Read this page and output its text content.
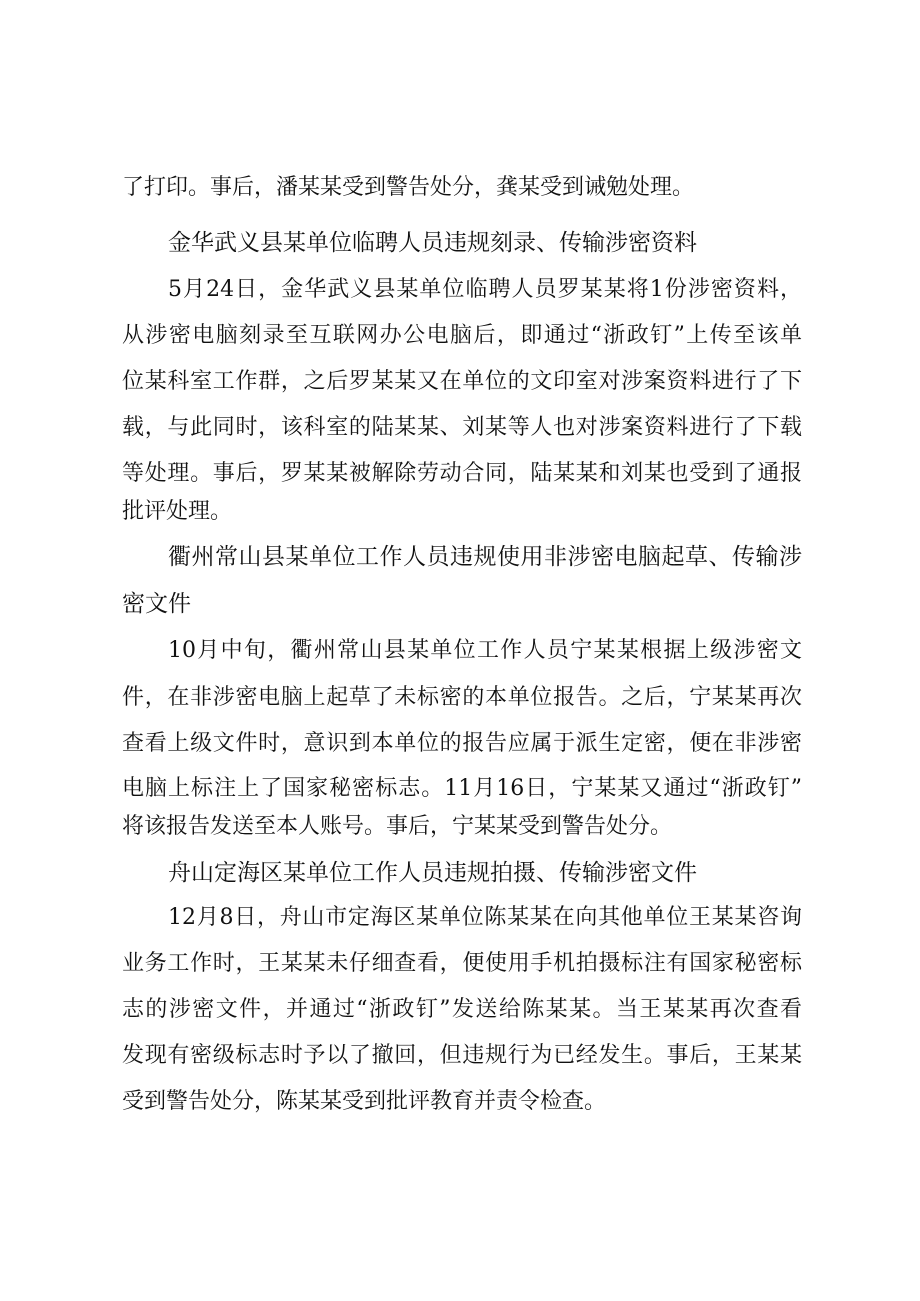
了打印。事后，潘某某受到警告处分，龚某受到诫勉处理。
金华武义县某单位临聘人员违规刻录、传输涉密资料
5月24日，金华武义县某单位临聘人员罗某某将1份涉密资料，
从涉密电脑刻录至互联网办公电脑后，即通过“浙政钉”上传至该单
位某科室工作群，之后罗某某又在单位的文印室对涉案资料进行了下
载，与此同时，该科室的陆某某、刘某等人也对涉案资料进行了下载
等处理。事后，罗某某被解除劳动合同，陆某某和刘某也受到了通报
批评处理。
衢州常山县某单位工作人员违规使用非涉密电脑起草、传输涉
密文件
10月中旬，衢州常山县某单位工作人员宁某某根据上级涉密文
件，在非涉密电脑上起草了未标密的本单位报告。之后，宁某某再次
查看上级文件时，意识到本单位的报告应属于派生定密，便在非涉密
电脑上标注上了国家秘密标志。11月16日，宁某某又通过“浙政钉”
将该报告发送至本人账号。事后，宁某某受到警告处分。
舟山定海区某单位工作人员违规拍摄、传输涉密文件
12月8日，舟山市定海区某单位陈某某在向其他单位王某某咨询
业务工作时，王某某未仔细查看，便使用手机拍摄标注有国家秘密标
志的涉密文件，并通过“浙政钉”发送给陈某某。当王某某再次查看
发现有密级标志时予以了撤回，但违规行为已经发生。事后，王某某
受到警告处分，陈某某受到批评教育并责令检查。
